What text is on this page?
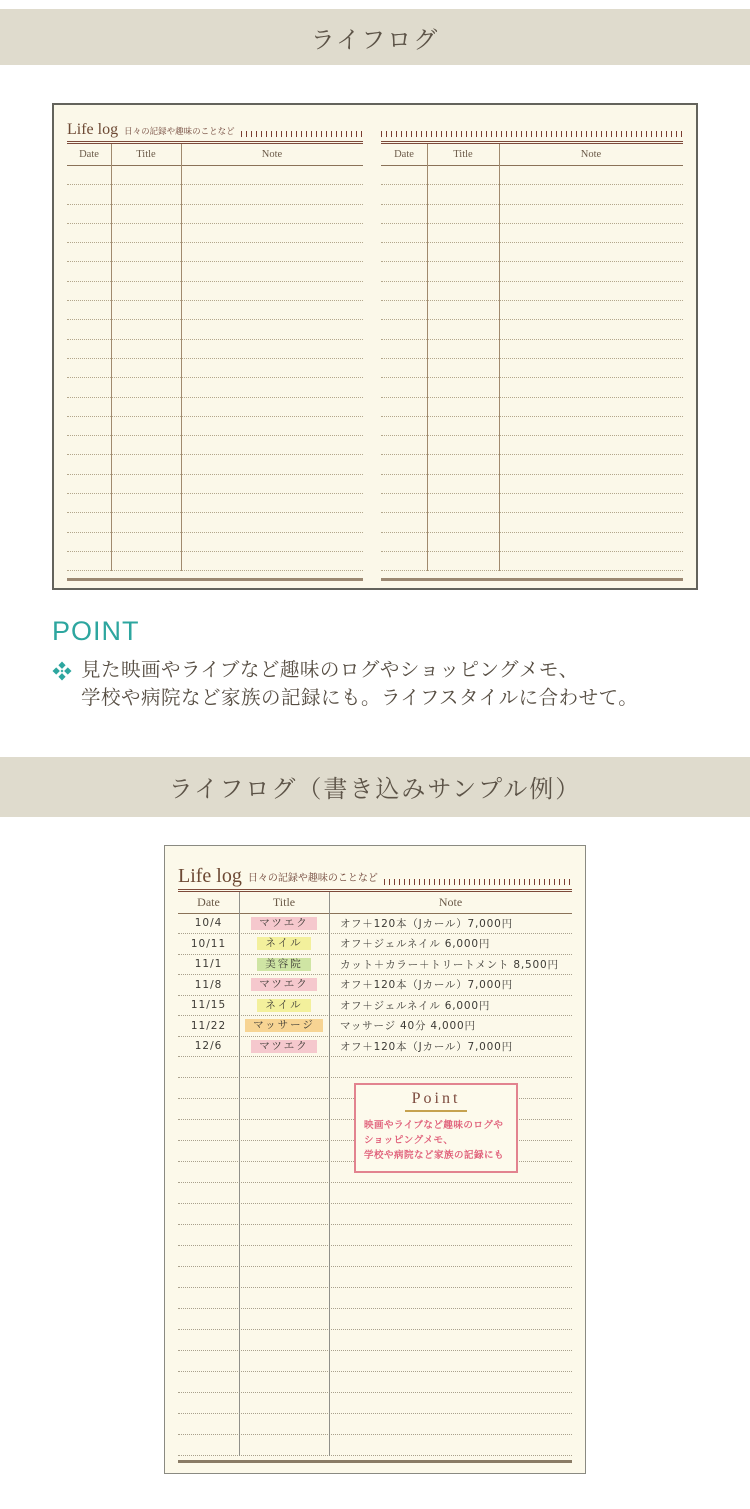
ライフログ
Life log 日々の記録や趣味のことなど
Date	Title	Note	Date	Title	Note
POINT
見た映画やライブなど趣味のログやショッピングメモ、
学校や病院など家族の記録にも。ライフスタイルに合わせて。
ライフログ（書き込みサンプル例）
Life log 日々の記録や趣味のことなど
Date	Title	Note
10/4	マツエク	オフ＋120本（Jカール）7,000円
10/11	ネイル	オフ＋ジェルネイル 6,000円
11/1	美容院	カット＋カラー＋トリートメント 8,500円
11/8	マツエク	オフ＋120本（Jカール）7,000円
11/15	ネイル	オフ＋ジェルネイル 6,000円
11/22	マッサージ	マッサージ 40分 4,000円
12/6	マツエク	オフ＋120本（Jカール）7,000円
Point
映画やライブなど趣味のログや
ショッピングメモ、
学校や病院など家族の記録にも
